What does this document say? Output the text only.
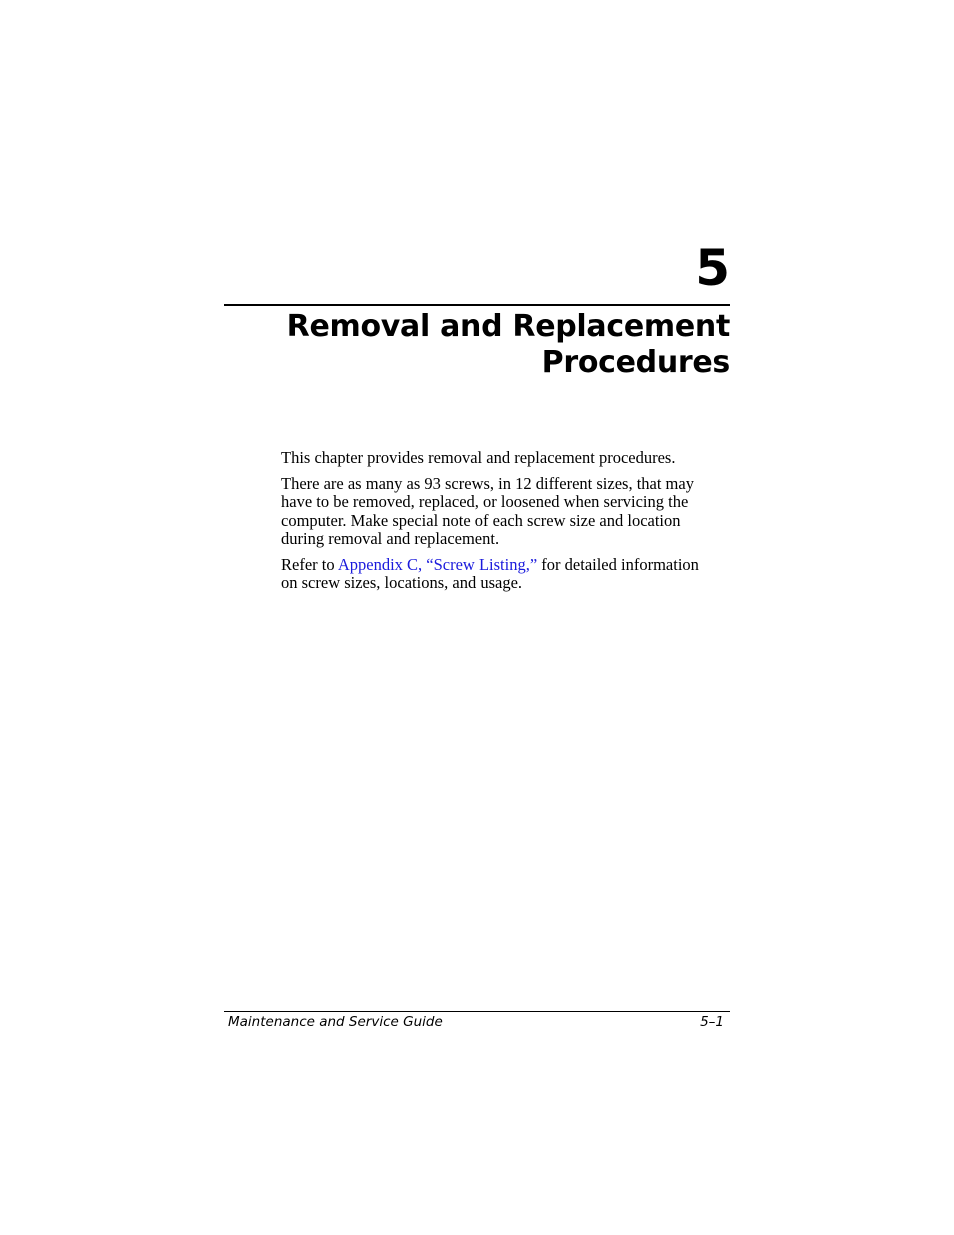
5
Removal and Replacement
Procedures

This chapter provides removal and replacement procedures.

There are as many as 93 screws, in 12 different sizes, that may
have to be removed, replaced, or loosened when servicing the
computer. Make special note of each screw size and location
during removal and replacement.

Refer to Appendix C, “Screw Listing,” for detailed information
on screw sizes, locations, and usage.

Maintenance and Service Guide	5–1
